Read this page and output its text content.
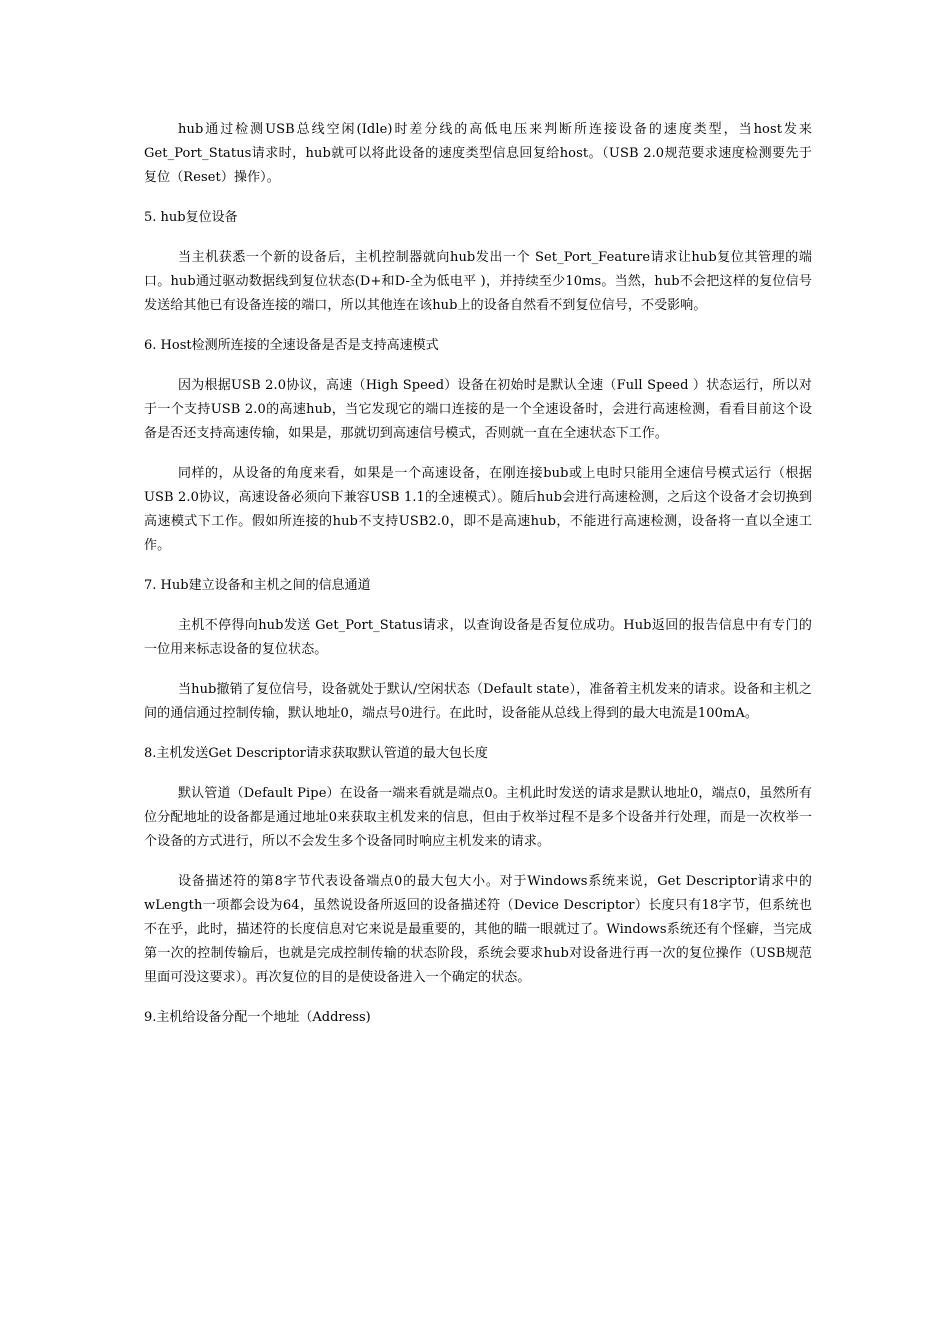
hub通过检测USB总线空闲(Idle)时差分线的高低电压来判断所连接设备的速度类型，当host发来Get_Port_Status请求时，hub就可以将此设备的速度类型信息回复给host。（USB 2.0规范要求速度检测要先于复位（Reset）操作）。

5. hub复位设备

当主机获悉一个新的设备后，主机控制器就向hub发出一个 Set_Port_Feature请求让hub复位其管理的端口。hub通过驱动数据线到复位状态(D+和D-全为低电平 )，并持续至少10ms。当然，hub不会把这样的复位信号发送给其他已有设备连接的端口，所以其他连在该hub上的设备自然看不到复位信号，不受影响。

6. Host检测所连接的全速设备是否是支持高速模式

因为根据USB 2.0协议，高速（High Speed）设备在初始时是默认全速（Full Speed ）状态运行，所以对于一个支持USB 2.0的高速hub，当它发现它的端口连接的是一个全速设备时，会进行高速检测，看看目前这个设备是否还支持高速传输，如果是，那就切到高速信号模式，否则就一直在全速状态下工作。

同样的，从设备的角度来看，如果是一个高速设备，在刚连接bub或上电时只能用全速信号模式运行（根据USB 2.0协议，高速设备必须向下兼容USB 1.1的全速模式）。随后hub会进行高速检测，之后这个设备才会切换到高速模式下工作。假如所连接的hub不支持USB2.0，即不是高速hub，不能进行高速检测，设备将一直以全速工作。

7. Hub建立设备和主机之间的信息通道

主机不停得向hub发送 Get_Port_Status请求，以查询设备是否复位成功。Hub返回的报告信息中有专门的一位用来标志设备的复位状态。

当hub撤销了复位信号，设备就处于默认/空闲状态（Default state），准备着主机发来的请求。设备和主机之间的通信通过控制传输，默认地址0，端点号0进行。在此时，设备能从总线上得到的最大电流是100mA。

8.主机发送Get Descriptor请求获取默认管道的最大包长度

默认管道（Default Pipe）在设备一端来看就是端点0。主机此时发送的请求是默认地址0，端点0，虽然所有位分配地址的设备都是通过地址0来获取主机发来的信息，但由于枚举过程不是多个设备并行处理，而是一次枚举一个设备的方式进行，所以不会发生多个设备同时响应主机发来的请求。

设备描述符的第8字节代表设备端点0的最大包大小。对于Windows系统来说，Get Descriptor请求中的wLength一项都会设为64，虽然说设备所返回的设备描述符（Device Descriptor）长度只有18字节，但系统也不在乎，此时，描述符的长度信息对它来说是最重要的，其他的瞄一眼就过了。Windows系统还有个怪癖，当完成第一次的控制传输后，也就是完成控制传输的状态阶段，系统会要求hub对设备进行再一次的复位操作（USB规范里面可没这要求）。再次复位的目的是使设备进入一个确定的状态。

9.主机给设备分配一个地址（Address)
